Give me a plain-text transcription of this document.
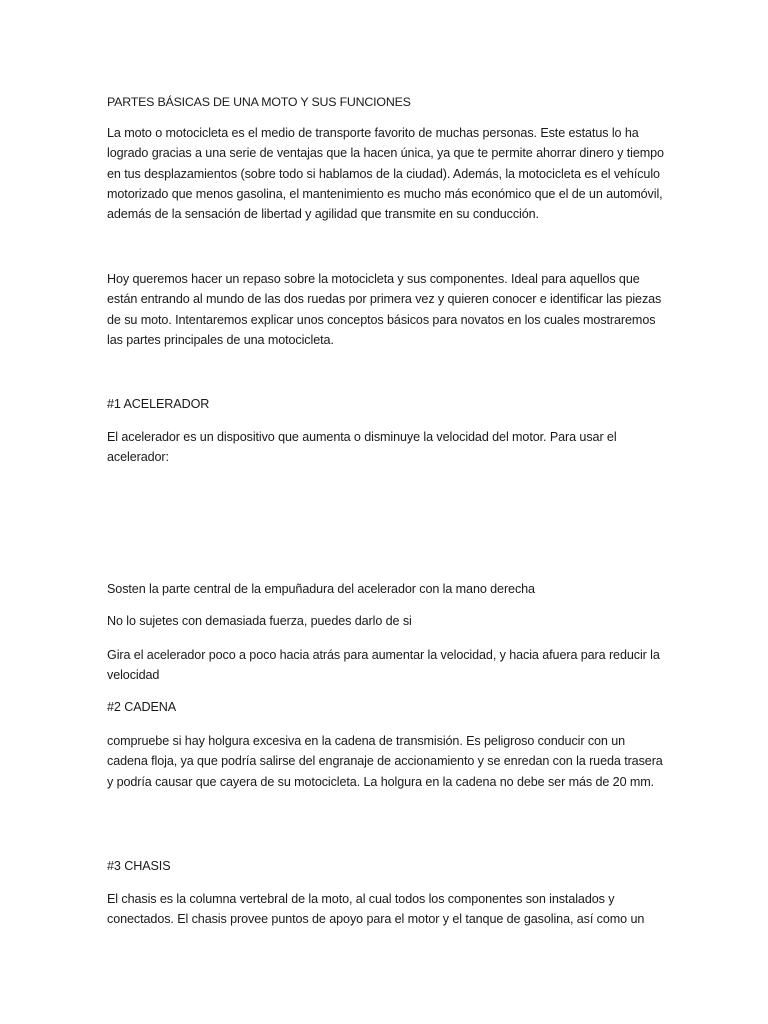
PARTES BÁSICAS DE UNA MOTO Y SUS FUNCIONES

La moto o motocicleta es el medio de transporte favorito de muchas personas. Este estatus lo ha logrado gracias a una serie de ventajas que la hacen única, ya que te permite ahorrar dinero y tiempo en tus desplazamientos (sobre todo si hablamos de la ciudad). Además, la motocicleta es el vehículo motorizado que menos gasolina, el mantenimiento es mucho más económico que el de un automóvil, además de la sensación de libertad y agilidad que transmite en su conducción.

Hoy queremos hacer un repaso sobre la motocicleta y sus componentes. Ideal para aquellos que están entrando al mundo de las dos ruedas por primera vez y quieren conocer e identificar las piezas de su moto. Intentaremos explicar unos conceptos básicos para novatos en los cuales mostraremos las partes principales de una motocicleta.

#1 ACELERADOR

El acelerador es un dispositivo que aumenta o disminuye la velocidad del motor. Para usar el acelerador:

Sosten la parte central de la empuñadura del acelerador con la mano derecha

No lo sujetes con demasiada fuerza, puedes darlo de si

Gira el acelerador poco a poco hacia atrás para aumentar la velocidad, y hacia afuera para reducir la velocidad

#2 CADENA

compruebe si hay holgura excesiva en la cadena de transmisión. Es peligroso conducir con un cadena floja, ya que podría salirse del engranaje de accionamiento y se enredan con la rueda trasera y podría causar que cayera de su motocicleta. La holgura en la cadena no debe ser más de 20 mm.

#3 CHASIS

El chasis es la columna vertebral de la moto, al cual todos los componentes son instalados y conectados. El chasis provee puntos de apoyo para el motor y el tanque de gasolina, así como un
